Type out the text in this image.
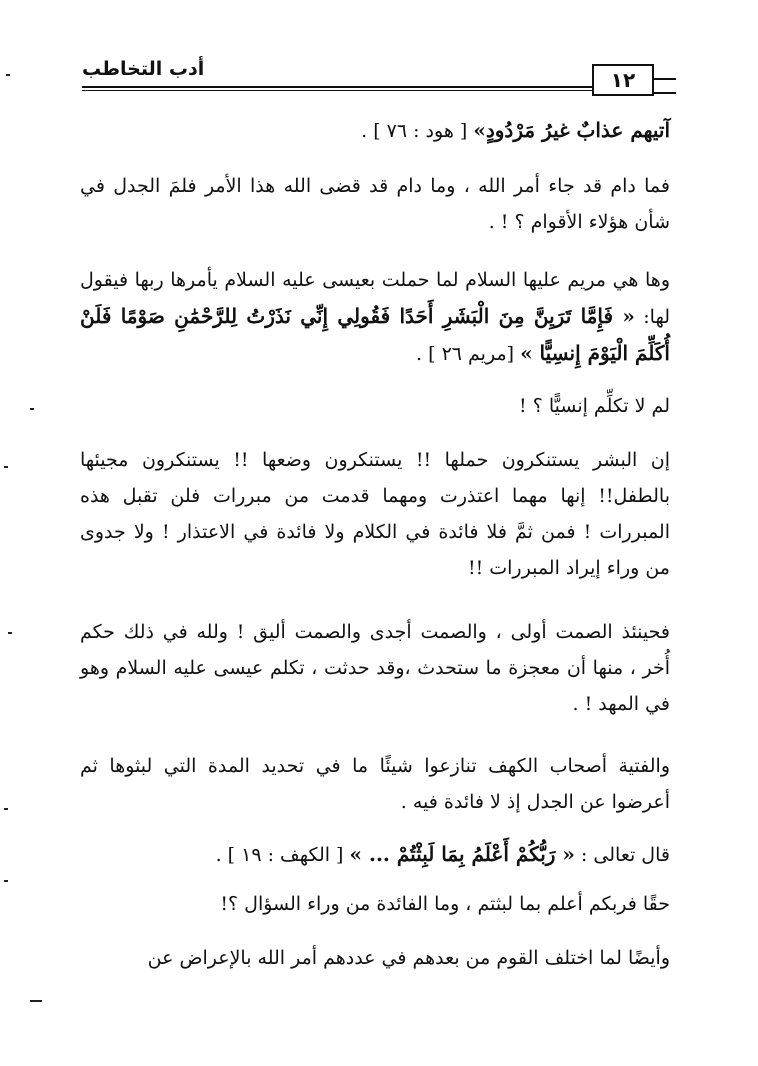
أدب التخاطب	١٢
آتيهم عذابٌ غيرُ مَرْدُودٍ» [ هود : ٧٦ ] .
فما دام قد جاء أمر الله ، وما دام قد قضى الله هذا الأمر فلمَ الجدل في شأن هؤلاء الأقوام ؟ ! .
وها هي مريم عليها السلام لما حملت بعيسى عليه السلام يأمرها ربها فيقول لها: « فَإِمَّا تَرَيِنَّ مِنَ الْبَشَرِ أَحَدًا فَقُولِي إِنِّي نَذَرْتُ لِلرَّحْمَٰنِ صَوْمًا فَلَنْ أُكَلِّمَ الْيَوْمَ إِنسِيًّا » [مريم ٢٦ ] .
لم لا تكلِّم إنسيًّا ؟ !
إن البشر يستنكرون حملها !! يستنكرون وضعها !! يستنكرون مجيئها بالطفل!! إنها مهما اعتذرت ومهما قدمت من مبررات فلن تقبل هذه المبررات ! فمن ثمَّ فلا فائدة في الكلام ولا فائدة في الاعتذار ! ولا جدوى من وراء إيراد المبررات !!
فحينئذ الصمت أولى ، والصمت أجدى والصمت أليق ! ولله في ذلك حكم أُخر ، منها أن معجزة ما ستحدث ،وقد حدثت ، تكلم عيسى عليه السلام وهو في المهد ! .
والفتية أصحاب الكهف تنازعوا شيئًا ما في تحديد المدة التي لبثوها ثم أعرضوا عن الجدل إذ لا فائدة فيه .
قال تعالى : « رَبُّكُمْ أَعْلَمُ بِمَا لَبِثْتُمْ ... » [ الكهف : ١٩ ] .
حقًا فربكم أعلم بما لبثتم ، وما الفائدة من وراء السؤال ؟!
وأيضًا لما اختلف القوم من بعدهم في عددهم أمر الله بالإعراض عن
